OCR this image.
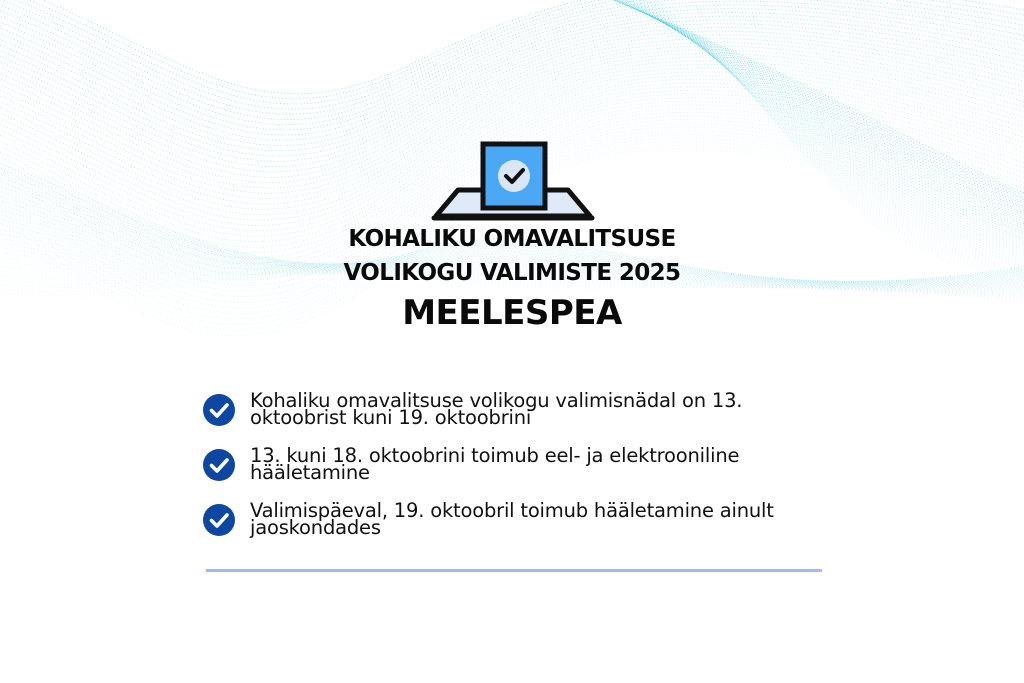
KOHALIKU OMAVALITSUSE
VOLIKOGU VALIMISTE 2025
MEELESPEA
Kohaliku omavalitsuse volikogu valimisnädal on 13. oktoobrist kuni 19. oktoobrini
13. kuni 18. oktoobrini toimub eel- ja elektrooniline hääletamine
Valimispäeval, 19. oktoobril toimub hääletamine ainult jaoskondades
